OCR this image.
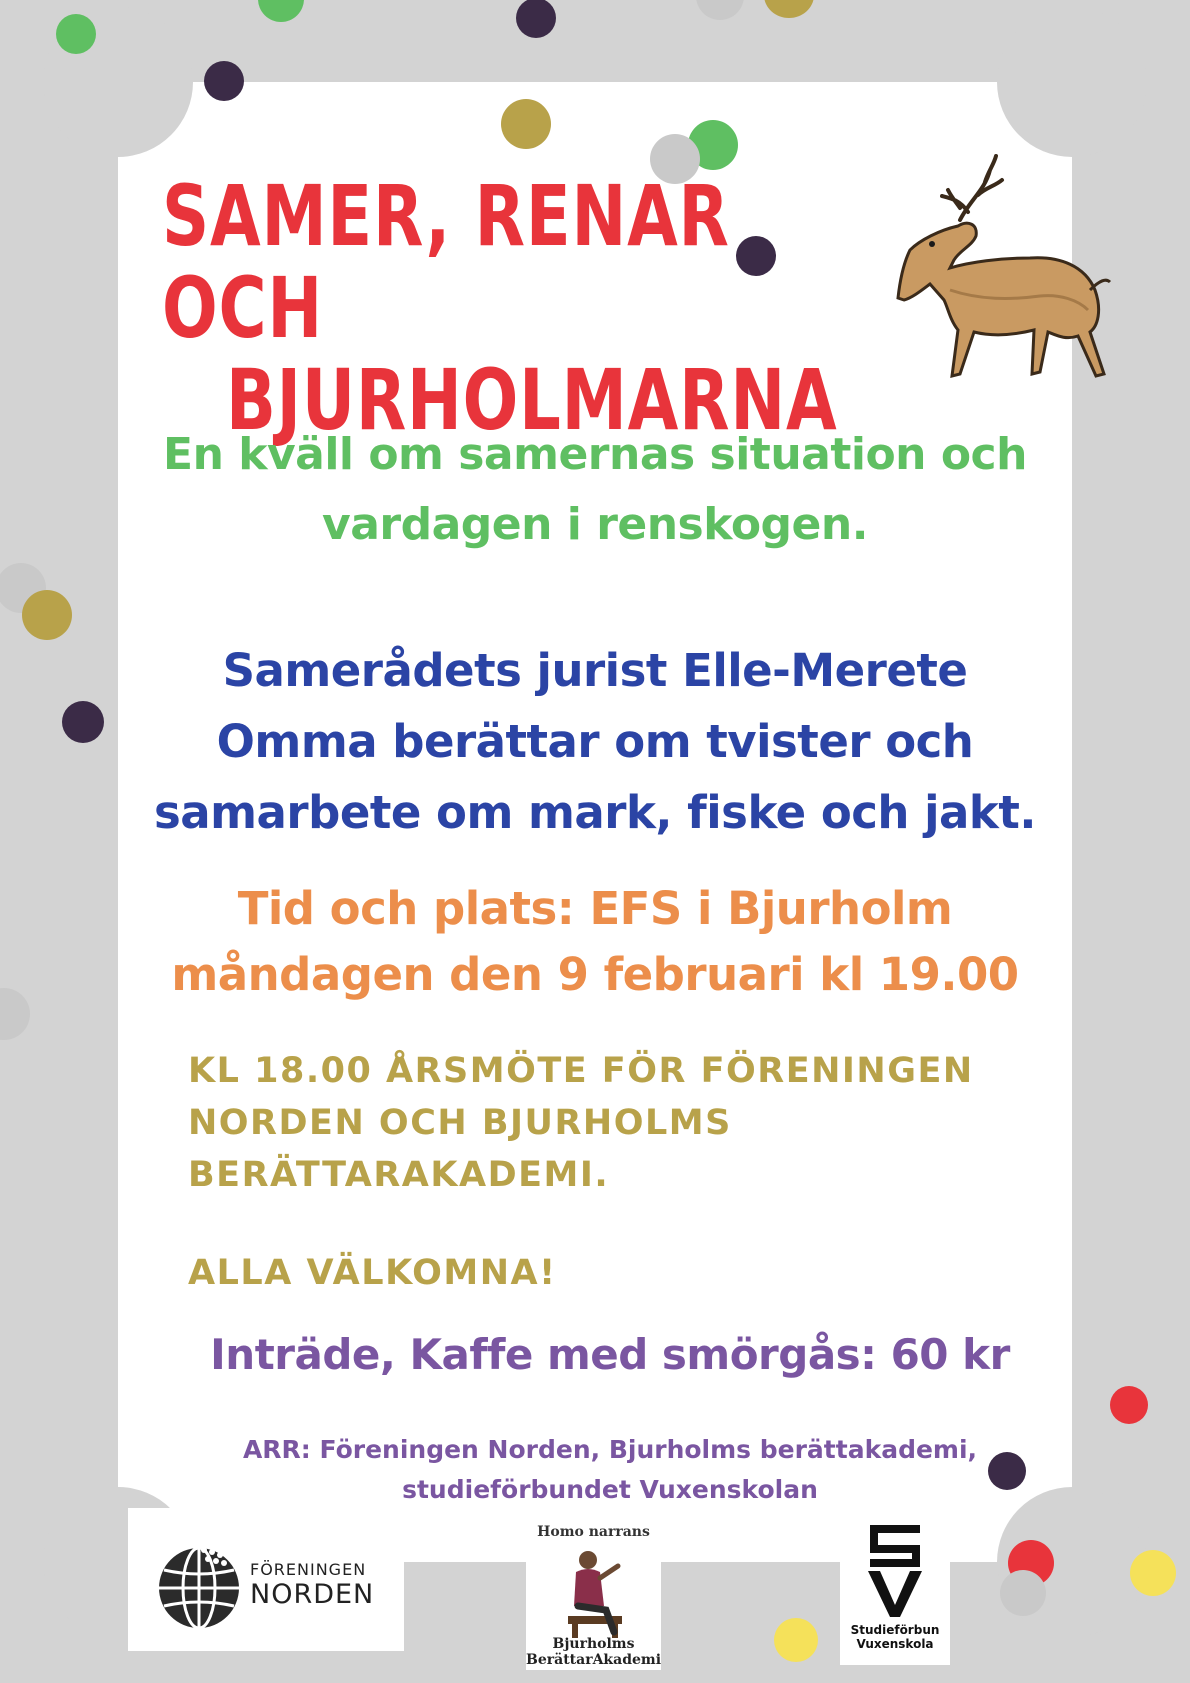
SAMER, RENAR OCH

BJURHOLMARNA
En kväll om samernas situation och
vardagen i renskogen.
Samerådets jurist Elle-Merete
Omma berättar om tvister och
samarbete om mark, fiske och jakt.
Tid och plats: EFS i Bjurholm
måndagen den 9 februari kl 19.00
KL 18.00 ÅRSMÖTE FÖR FÖRENINGEN
NORDEN OCH BJURHOLMS
BERÄTTARAKADEMI.
ALLA VÄLKOMNA!
Inträde, Kaffe med smörgås: 60 kr
ARR: Föreningen Norden, Bjurholms berättakademi,
studieförbundet Vuxenskolan
FÖRENINGEN
NORDEN
Homo narrans
Bjurholms
BerättarAkademi
Studieförbun
Vuxenskola
